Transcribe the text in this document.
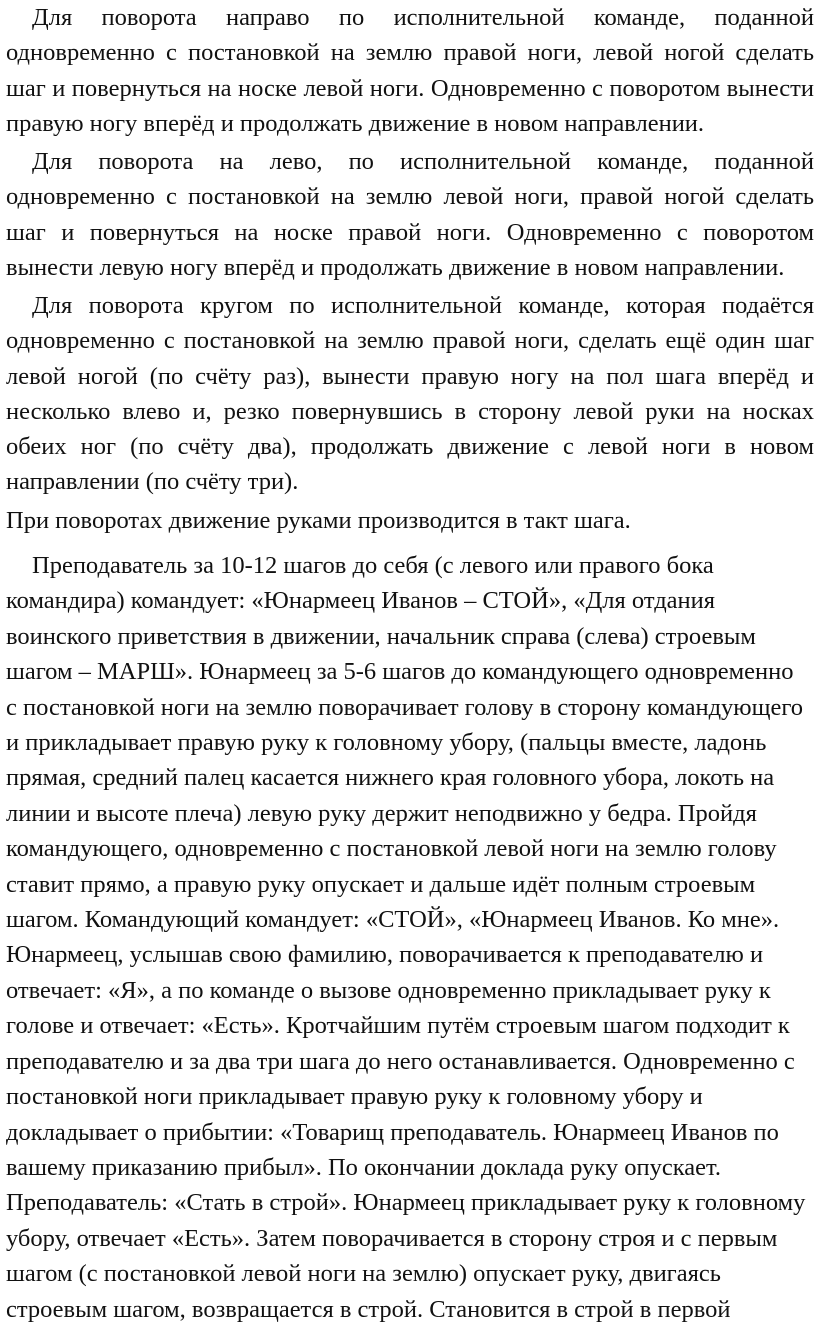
Для поворота направо по исполнительной команде, поданной одновременно с постановкой на землю правой ноги, левой ногой сделать шаг и повернуться на носке левой ноги. Одновременно с поворотом вынести правую ногу вперёд и продолжать движение в новом направлении.

Для поворота на лево, по исполнительной команде, поданной одновременно с постановкой на землю левой ноги, правой ногой сделать шаг и повернуться на носке правой ноги. Одновременно с поворотом вынести левую ногу вперёд и продолжать движение в новом направлении.

Для поворота кругом по исполнительной команде, которая подаётся одновременно с постановкой на землю правой ноги, сделать ещё один шаг левой ногой (по счёту раз), вынести правую ногу на пол шага вперёд и несколько влево и, резко повернувшись в сторону левой руки на носках обеих ног (по счёту два), продолжать движение с левой ноги в новом направлении (по счёту три).

При поворотах движение руками производится в такт шага.

Преподаватель за 10-12 шагов до себя (с левого или правого бока командира) командует: «Юнармеец Иванов – СТОЙ», «Для отдания воинского приветствия в движении, начальник справа (слева) строевым шагом – МАРШ». Юнармеец за 5-6 шагов до командующего одновременно с постановкой ноги на землю поворачивает голову в сторону командующего и прикладывает правую руку к головному убору, (пальцы вместе, ладонь прямая, средний палец касается нижнего края головного убора, локоть на линии и высоте плеча) левую руку держит неподвижно у бедра. Пройдя командующего, одновременно с постановкой левой ноги на землю голову ставит прямо, а правую руку опускает и дальше идёт полным строевым шагом. Командующий командует: «СТОЙ», «Юнармеец Иванов. Ко мне». Юнармеец, услышав свою фамилию, поворачивается к преподавателю и отвечает: «Я», а по команде о вызове одновременно прикладывает руку к голове и отвечает: «Есть». Кротчайшим путём строевым шагом подходит к преподавателю и за два три шага до него останавливается. Одновременно с постановкой ноги прикладывает правую руку к головному убору и докладывает о прибытии: «Товарищ преподаватель. Юнармеец Иванов по вашему приказанию прибыл». По окончании доклада руку опускает. Преподаватель: «Стать в строй». Юнармеец прикладывает руку к головному убору, отвечает «Есть». Затем поворачивается в сторону строя и с первым шагом (с постановкой левой ноги на землю) опускает руку, двигаясь строевым шагом, возвращается в строй. Становится в строй в первой
